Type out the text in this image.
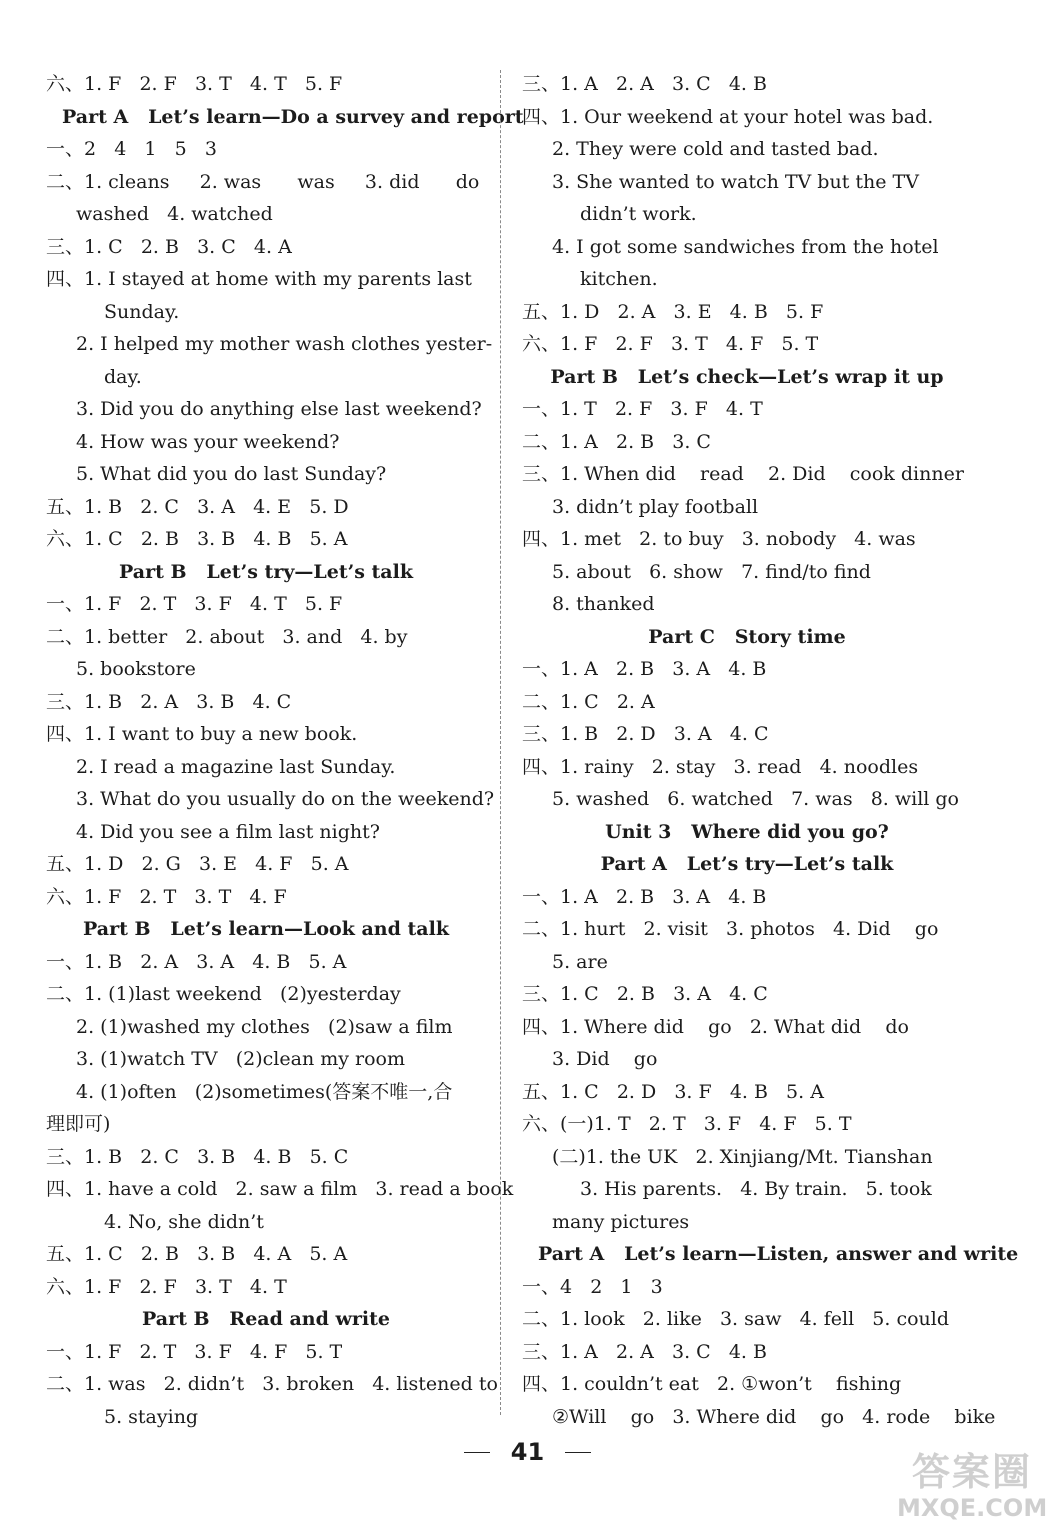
六、1. F   2. F   3. T   4. T   5. F
Part A   Let’s learn—Do a survey and report
一、2   4   1   5   3
二、1. cleans     2. was      was     3. did      do
washed   4. watched
三、1. C   2. B   3. C   4. A
四、1. I stayed at home with my parents last
Sunday.
2. I helped my mother wash clothes yester-
day.
3. Did you do anything else last weekend?
4. How was your weekend?
5. What did you do last Sunday?
五、1. B   2. C   3. A   4. E   5. D
六、1. C   2. B   3. B   4. B   5. A
Part B   Let’s try—Let’s talk
一、1. F   2. T   3. F   4. T   5. F
二、1. better   2. about   3. and   4. by
5. bookstore
三、1. B   2. A   3. B   4. C
四、1. I want to buy a new book.
2. I read a magazine last Sunday.
3. What do you usually do on the weekend?
4. Did you see a film last night?
五、1. D   2. G   3. E   4. F   5. A
六、1. F   2. T   3. T   4. F
Part B   Let’s learn—Look and talk
一、1. B   2. A   3. A   4. B   5. A
二、1. (1)last weekend   (2)yesterday
2. (1)washed my clothes   (2)saw a film
3. (1)watch TV   (2)clean my room
4. (1)often   (2)sometimes(答案不唯一,合
理即可)
三、1. B   2. C   3. B   4. B   5. C
四、1. have a cold   2. saw a film   3. read a book
4. No, she didn’t
五、1. C   2. B   3. B   4. A   5. A
六、1. F   2. F   3. T   4. T
Part B   Read and write
一、1. F   2. T   3. F   4. F   5. T
二、1. was   2. didn’t   3. broken   4. listened to
5. staying
三、1. A   2. A   3. C   4. B
四、1. Our weekend at your hotel was bad.
2. They were cold and tasted bad.
3. She wanted to watch TV but the TV
didn’t work.
4. I got some sandwiches from the hotel
kitchen.
五、1. D   2. A   3. E   4. B   5. F
六、1. F   2. F   3. T   4. F   5. T
Part B   Let’s check—Let’s wrap it up
一、1. T   2. F   3. F   4. T
二、1. A   2. B   3. C
三、1. When did    read    2. Did    cook dinner
3. didn’t play football
四、1. met   2. to buy   3. nobody   4. was
5. about   6. show   7. find/to find
8. thanked
Part C   Story time
一、1. A   2. B   3. A   4. B
二、1. C   2. A
三、1. B   2. D   3. A   4. C
四、1. rainy   2. stay   3. read   4. noodles
5. washed   6. watched   7. was   8. will go
Unit 3   Where did you go?
Part A   Let’s try—Let’s talk
一、1. A   2. B   3. A   4. B
二、1. hurt   2. visit   3. photos   4. Did    go
5. are
三、1. C   2. B   3. A   4. C
四、1. Where did    go   2. What did    do
3. Did    go
五、1. C   2. D   3. F   4. B   5. A
六、(一)1. T   2. T   3. F   4. F   5. T
(二)1. the UK   2. Xinjiang/Mt. Tianshan
3. His parents.   4. By train.   5. took
many pictures
Part A   Let’s learn—Listen, answer and write
一、4   2   1   3
二、1. look   2. like   3. saw   4. fell   5. could
三、1. A   2. A   3. C   4. B
四、1. couldn’t eat   2. ①won’t    fishing
②Will    go   3. Where did    go   4. rode    bike
41	答案圈
MXQE.COM
